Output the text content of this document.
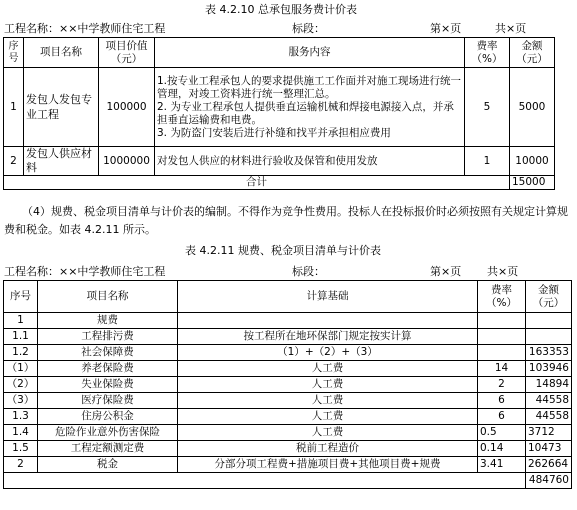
表 4.2.10 总承包服务费计价表
工程名称：××中学教师住宅工程	标段：	第×页	共×页
序号	项目名称	项目价值（元）	服务内容	费率（%）	金额（元）
1	发包人发包专业工程	100000	1.按专业工程承包人的要求提供施工工作面并对施工现场进行统一管理，对竣工资料进行统一整理汇总。
2. 为专业工程承包人提供垂直运输机械和焊接电源接入点，并承担垂直运输费和电费。
3. 为防盗门安装后进行补缝和找平并承担相应费用	5	5000
2	发包人供应材料	1000000	对发包人供应的材料进行验收及保管和使用发放	1	10000
合计					15000
（4）规费、税金项目清单与计价表的编制。不得作为竞争性费用。投标人在投标报价时必须按照有关规定计算规费和税金。如表 4.2.11 所示。
表 4.2.11 规费、税金项目清单与计价表
工程名称：××中学教师住宅工程	标段：	第×页 共×页
序号	项目名称	计算基础	费率（%）	金额（元）
1	规费			
1.1	工程排污费	按工程所在地环保部门规定按实计算		
1.2	社会保障费	（1）+（2）+（3）		163353
（1）	养老保险费	人工费	14	103946
（2）	失业保险费	人工费	2	14894
（3）	医疗保险费	人工费	6	44558
1.3	住房公积金	人工费	6	44558
1.4	危险作业意外伤害保险	人工费	0.5	3712
1.5	工程定额测定费	税前工程造价	0.14	10473
2	税金	分部分项工程费+措施项目费+其他项目费+规费	3.41	262664
				484760
